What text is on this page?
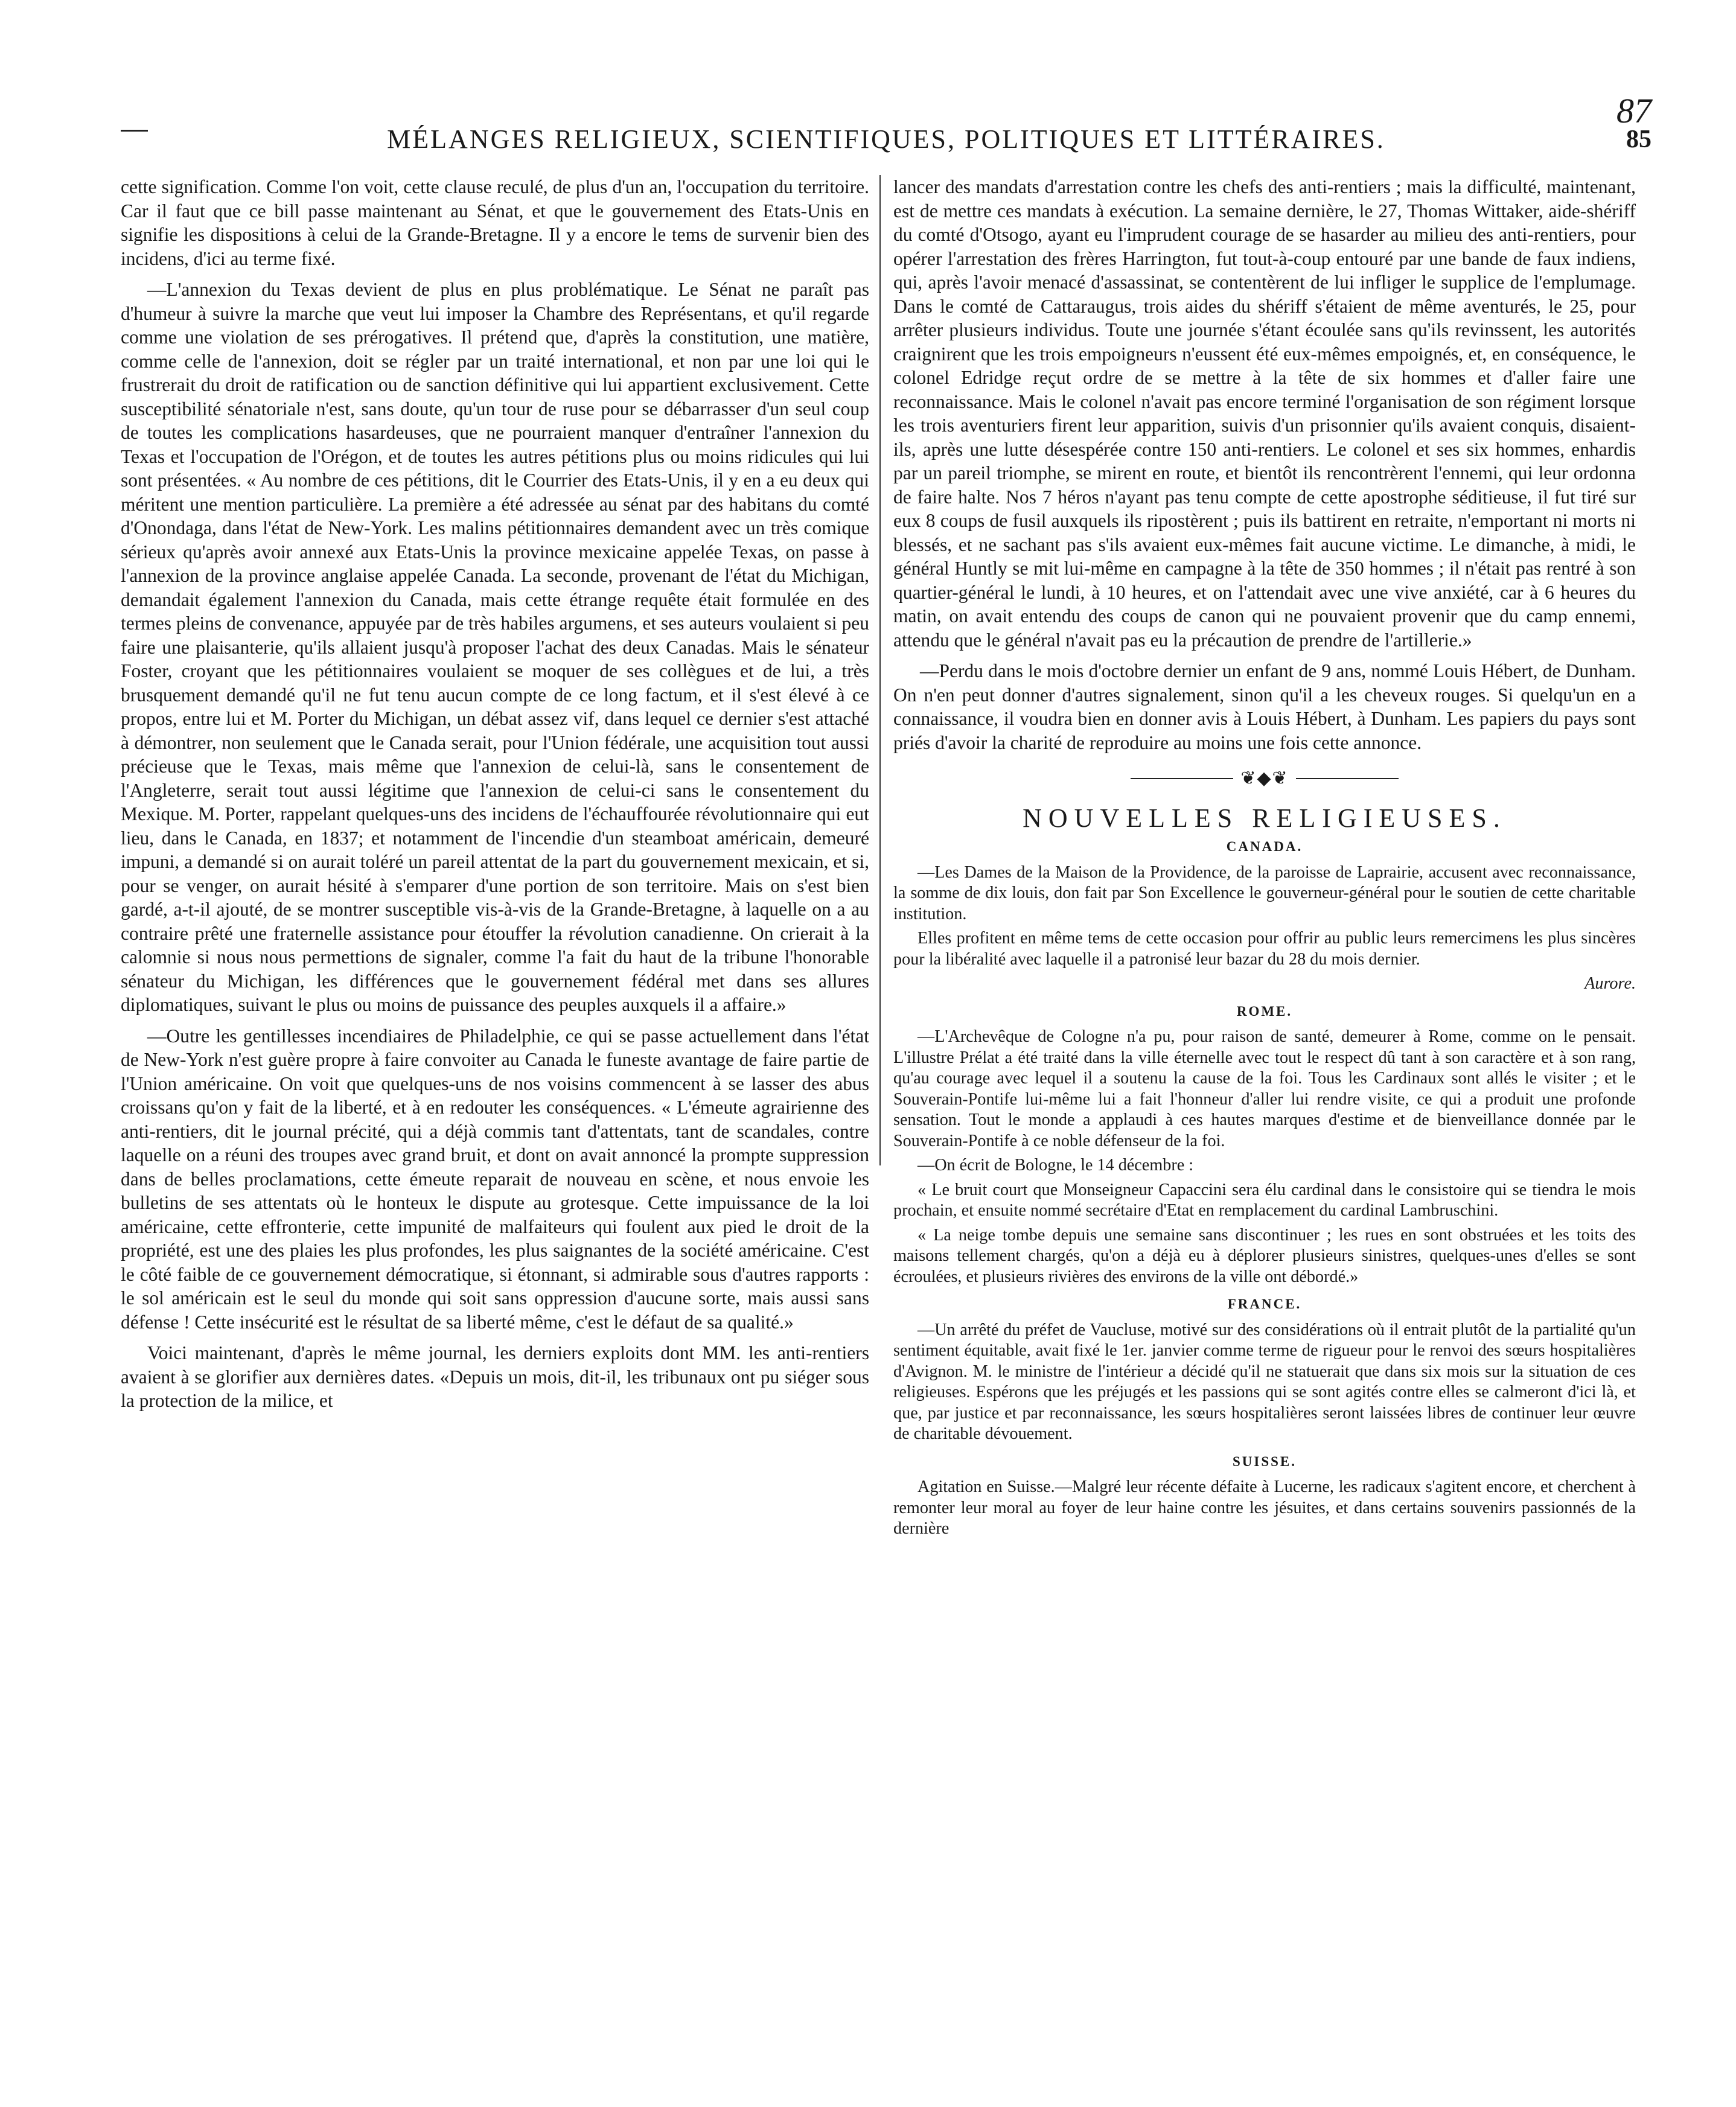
87
MÉLANGES RELIGIEUX, SCIENTIFIQUES, POLITIQUES ET LITTÉRAIRES.	85

cette signification. Comme l'on voit, cette clause reculé, de plus d'un an, l'occupation du territoire. Car il faut que ce bill passe maintenant au Sénat, et que le gouvernement des Etats-Unis en signifie les dispositions à celui de la Grande-Bretagne. Il y a encore le tems de survenir bien des incidens, d'ici au terme fixé.

—L'annexion du Texas devient de plus en plus problématique. Le Sénat ne paraît pas d'humeur à suivre la marche que veut lui imposer la Chambre des Représentans, et qu'il regarde comme une violation de ses prérogatives. Il prétend que, d'après la constitution, une matière, comme celle de l'annexion, doit se régler par un traité international, et non par une loi qui le frustrerait du droit de ratification ou de sanction définitive qui lui appartient exclusivement. Cette susceptibilité sénatoriale n'est, sans doute, qu'un tour de ruse pour se débarrasser d'un seul coup de toutes les complications hasardeuses, que ne pourraient manquer d'entraîner l'annexion du Texas et l'occupation de l'Orégon, et de toutes les autres pétitions plus ou moins ridicules qui lui sont présentées. « Au nombre de ces pétitions, dit le Courrier des Etats-Unis, il y en a eu deux qui méritent une mention particulière. La première a été adressée au sénat par des habitans du comté d'Onondaga, dans l'état de New-York. Les malins pétitionnaires demandent avec un très comique sérieux qu'après avoir annexé aux Etats-Unis la province mexicaine appelée Texas, on passe à l'annexion de la province anglaise appelée Canada. La seconde, provenant de l'état du Michigan, demandait également l'annexion du Canada, mais cette étrange requête était formulée en des termes pleins de convenance, appuyée par de très habiles argumens, et ses auteurs voulaient si peu faire une plaisanterie, qu'ils allaient jusqu'à proposer l'achat des deux Canadas. Mais le sénateur Foster, croyant que les pétitionnaires voulaient se moquer de ses collègues et de lui, a très brusquement demandé qu'il ne fut tenu aucun compte de ce long factum, et il s'est élevé à ce propos, entre lui et M. Porter du Michigan, un débat assez vif, dans lequel ce dernier s'est attaché à démontrer, non seulement que le Canada serait, pour l'Union fédérale, une acquisition tout aussi précieuse que le Texas, mais même que l'annexion de celui-là, sans le consentement de l'Angleterre, serait tout aussi légitime que l'annexion de celui-ci sans le consentement du Mexique. M. Porter, rappelant quelques-uns des incidens de l'échauffourée révolutionnaire qui eut lieu, dans le Canada, en 1837; et notamment de l'incendie d'un steamboat américain, demeuré impuni, a demandé si on aurait toléré un pareil attentat de la part du gouvernement mexicain, et si, pour se venger, on aurait hésité à s'emparer d'une portion de son territoire. Mais on s'est bien gardé, a-t-il ajouté, de se montrer susceptible vis-à-vis de la Grande-Bretagne, à laquelle on a au contraire prêté une fraternelle assistance pour étouffer la révolution canadienne. On crierait à la calomnie si nous nous permettions de signaler, comme l'a fait du haut de la tribune l'honorable sénateur du Michigan, les différences que le gouvernement fédéral met dans ses allures diplomatiques, suivant le plus ou moins de puissance des peuples auxquels il a affaire.»

—Outre les gentillesses incendiaires de Philadelphie, ce qui se passe actuellement dans l'état de New-York n'est guère propre à faire convoiter au Canada le funeste avantage de faire partie de l'Union américaine. On voit que quelques-uns de nos voisins commencent à se lasser des abus croissans qu'on y fait de la liberté, et à en redouter les conséquences. « L'émeute agrairienne des anti-rentiers, dit le journal précité, qui a déjà commis tant d'attentats, tant de scandales, contre laquelle on a réuni des troupes avec grand bruit, et dont on avait annoncé la prompte suppression dans de belles proclamations, cette émeute reparait de nouveau en scène, et nous envoie les bulletins de ses attentats où le honteux le dispute au grotesque. Cette impuissance de la loi américaine, cette effronterie, cette impunité de malfaiteurs qui foulent aux pied le droit de la propriété, est une des plaies les plus profondes, les plus saignantes de la société américaine. C'est le côté faible de ce gouvernement démocratique, si étonnant, si admirable sous d'autres rapports : le sol américain est le seul du monde qui soit sans oppression d'aucune sorte, mais aussi sans défense ! Cette insécurité est le résultat de sa liberté même, c'est le défaut de sa qualité.»

Voici maintenant, d'après le même journal, les derniers exploits dont MM. les anti-rentiers avaient à se glorifier aux dernières dates. «Depuis un mois, dit-il, les tribunaux ont pu siéger sous la protection de la milice, et

lancer des mandats d'arrestation contre les chefs des anti-rentiers ; mais la difficulté, maintenant, est de mettre ces mandats à exécution. La semaine dernière, le 27, Thomas Wittaker, aide-shériff du comté d'Otsogo, ayant eu l'imprudent courage de se hasarder au milieu des anti-rentiers, pour opérer l'arrestation des frères Harrington, fut tout-à-coup entouré par une bande de faux indiens, qui, après l'avoir menacé d'assassinat, se contentèrent de lui infliger le supplice de l'emplumage. Dans le comté de Cattaraugus, trois aides du shériff s'étaient de même aventurés, le 25, pour arrêter plusieurs individus. Toute une journée s'étant écoulée sans qu'ils revinssent, les autorités craignirent que les trois empoigneurs n'eussent été eux-mêmes empoignés, et, en conséquence, le colonel Edridge reçut ordre de se mettre à la tête de six hommes et d'aller faire une reconnaissance. Mais le colonel n'avait pas encore terminé l'organisation de son régiment lorsque les trois aventuriers firent leur apparition, suivis d'un prisonnier qu'ils avaient conquis, disaient-ils, après une lutte désespérée contre 150 anti-rentiers. Le colonel et ses six hommes, enhardis par un pareil triomphe, se mirent en route, et bientôt ils rencontrèrent l'ennemi, qui leur ordonna de faire halte. Nos 7 héros n'ayant pas tenu compte de cette apostrophe séditieuse, il fut tiré sur eux 8 coups de fusil auxquels ils ripostèrent ; puis ils battirent en retraite, n'emportant ni morts ni blessés, et ne sachant pas s'ils avaient eux-mêmes fait aucune victime. Le dimanche, à midi, le général Huntly se mit lui-même en campagne à la tête de 350 hommes ; il n'était pas rentré à son quartier-général le lundi, à 10 heures, et on l'attendait avec une vive anxiété, car à 6 heures du matin, on avait entendu des coups de canon qui ne pouvaient provenir que du camp ennemi, attendu que le général n'avait pas eu la précaution de prendre de l'artillerie.»

—Perdu dans le mois d'octobre dernier un enfant de 9 ans, nommé Louis Hébert, de Dunham. On n'en peut donner d'autres signalement, sinon qu'il a les cheveux rouges. Si quelqu'un en a connaissance, il voudra bien en donner avis à Louis Hébert, à Dunham. Les papiers du pays sont priés d'avoir la charité de reproduire au moins une fois cette annonce.

❦◆❦
NOUVELLES RELIGIEUSES.
CANADA.

—Les Dames de la Maison de la Providence, de la paroisse de Laprairie, accusent avec reconnaissance, la somme de dix louis, don fait par Son Excellence le gouverneur-général pour le soutien de cette charitable institution.

Elles profitent en même tems de cette occasion pour offrir au public leurs remercimens les plus sincères pour la libéralité avec laquelle il a patronisé leur bazar du 28 du mois dernier.

Aurore.
ROME.

—L'Archevêque de Cologne n'a pu, pour raison de santé, demeurer à Rome, comme on le pensait. L'illustre Prélat a été traité dans la ville éternelle avec tout le respect dû tant à son caractère et à son rang, qu'au courage avec lequel il a soutenu la cause de la foi. Tous les Cardinaux sont allés le visiter ; et le Souverain-Pontife lui-même lui a fait l'honneur d'aller lui rendre visite, ce qui a produit une profonde sensation. Tout le monde a applaudi à ces hautes marques d'estime et de bienveillance donnée par le Souverain-Pontife à ce noble défenseur de la foi.

—On écrit de Bologne, le 14 décembre :

« Le bruit court que Monseigneur Capaccini sera élu cardinal dans le consistoire qui se tiendra le mois prochain, et ensuite nommé secrétaire d'Etat en remplacement du cardinal Lambruschini.

« La neige tombe depuis une semaine sans discontinuer ; les rues en sont obstruées et les toits des maisons tellement chargés, qu'on a déjà eu à déplorer plusieurs sinistres, quelques-unes d'elles se sont écroulées, et plusieurs rivières des environs de la ville ont débordé.»

FRANCE.

—Un arrêté du préfet de Vaucluse, motivé sur des considérations où il entrait plutôt de la partialité qu'un sentiment équitable, avait fixé le 1er. janvier comme terme de rigueur pour le renvoi des sœurs hospitalières d'Avignon. M. le ministre de l'intérieur a décidé qu'il ne statuerait que dans six mois sur la situation de ces religieuses. Espérons que les préjugés et les passions qui se sont agités contre elles se calmeront d'ici là, et que, par justice et par reconnaissance, les sœurs hospitalières seront laissées libres de continuer leur œuvre de charitable dévouement.

SUISSE.

Agitation en Suisse.—Malgré leur récente défaite à Lucerne, les radicaux s'agitent encore, et cherchent à remonter leur moral au foyer de leur haine contre les jésuites, et dans certains souvenirs passionnés de la dernière
